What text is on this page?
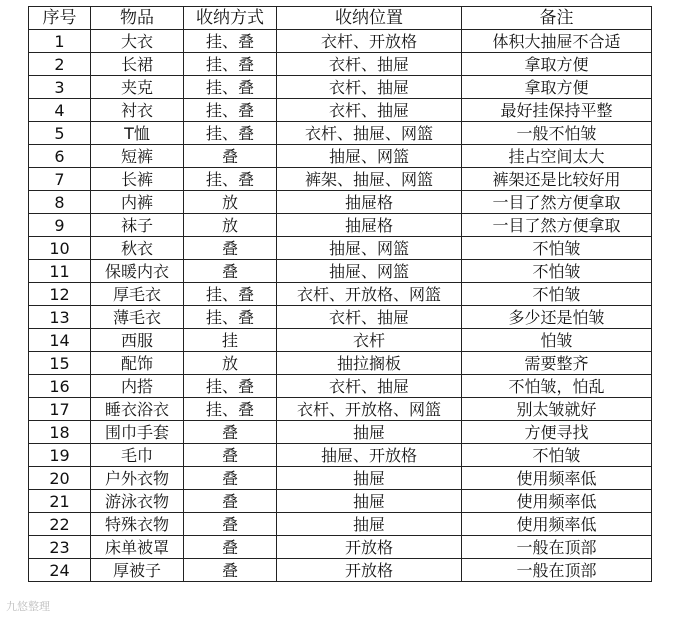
序号	物品	收纳方式	收纳位置	备注
1	大衣	挂、叠	衣杆、开放格	体积大抽屉不合适
2	长裙	挂、叠	衣杆、抽屉	拿取方便
3	夹克	挂、叠	衣杆、抽屉	拿取方便
4	衬衣	挂、叠	衣杆、抽屉	最好挂保持平整
5	T恤	挂、叠	衣杆、抽屉、网篮	一般不怕皱
6	短裤	叠	抽屉、网篮	挂占空间太大
7	长裤	挂、叠	裤架、抽屉、网篮	裤架还是比较好用
8	内裤	放	抽屉格	一目了然方便拿取
9	袜子	放	抽屉格	一目了然方便拿取
10	秋衣	叠	抽屉、网篮	不怕皱
11	保暖内衣	叠	抽屉、网篮	不怕皱
12	厚毛衣	挂、叠	衣杆、开放格、网篮	不怕皱
13	薄毛衣	挂、叠	衣杆、抽屉	多少还是怕皱
14	西服	挂	衣杆	怕皱
15	配饰	放	抽拉搁板	需要整齐
16	内搭	挂、叠	衣杆、抽屉	不怕皱，怕乱
17	睡衣浴衣	挂、叠	衣杆、开放格、网篮	别太皱就好
18	围巾手套	叠	抽屉	方便寻找
19	毛巾	叠	抽屉、开放格	不怕皱
20	户外衣物	叠	抽屉	使用频率低
21	游泳衣物	叠	抽屉	使用频率低
22	特殊衣物	叠	抽屉	使用频率低
23	床单被罩	叠	开放格	一般在顶部
24	厚被子	叠	开放格	一般在顶部
九悠整理
